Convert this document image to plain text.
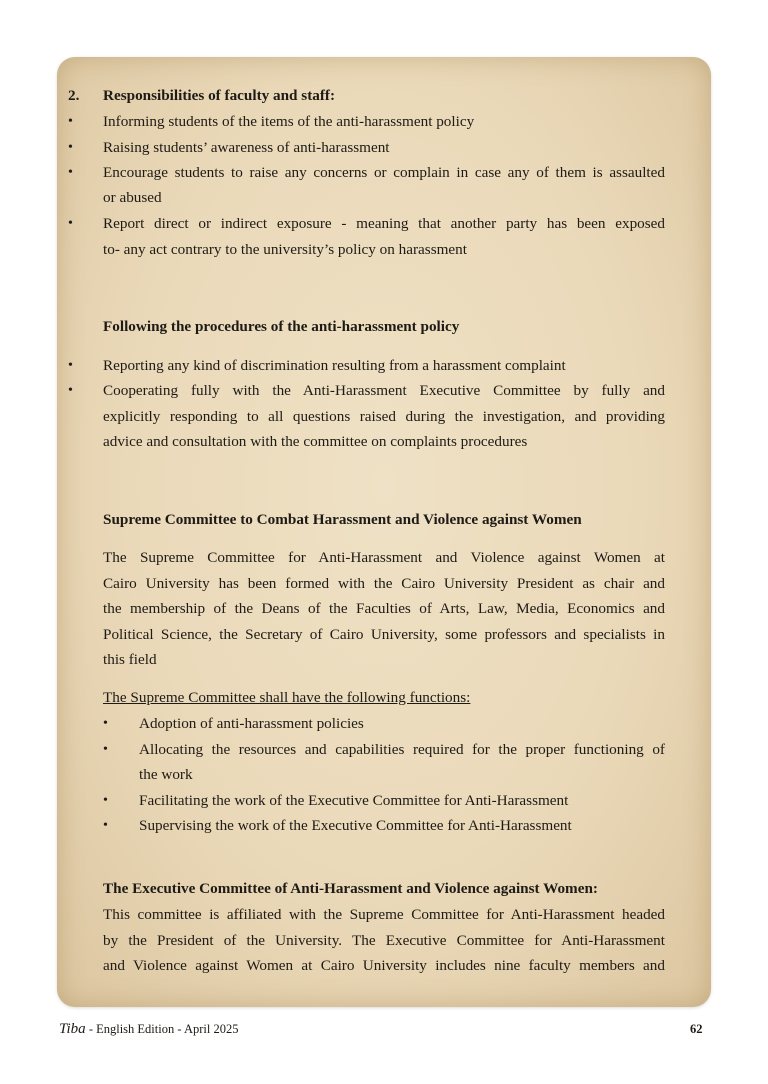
2. Responsibilities of faculty and staff:
• Informing students of the items of the anti-harassment policy
• Raising students’ awareness of anti-harassment
• Encourage students to raise any concerns or complain in case any of them is assaulted
or abused
• Report direct or indirect exposure - meaning that another party has been exposed
to- any act contrary to the university’s policy on harassment
Following the procedures of the anti-harassment policy
• Reporting any kind of discrimination resulting from a harassment complaint
• Cooperating fully with the Anti-Harassment Executive Committee by fully and
explicitly responding to all questions raised during the investigation, and providing
advice and consultation with the committee on complaints procedures
Supreme Committee to Combat Harassment and Violence against Women
The Supreme Committee for Anti-Harassment and Violence against Women at
Cairo University has been formed with the Cairo University President as chair and
the membership of the Deans of the Faculties of Arts, Law, Media, Economics and
Political Science, the Secretary of Cairo University, some professors and specialists in
this field
The Supreme Committee shall have the following functions:
• Adoption of anti-harassment policies
• Allocating the resources and capabilities required for the proper functioning of
the work
• Facilitating the work of the Executive Committee for Anti-Harassment
• Supervising the work of the Executive Committee for Anti-Harassment
The Executive Committee of Anti-Harassment and Violence against Women:
This committee is affiliated with the Supreme Committee for Anti-Harassment headed
by the President of the University. The Executive Committee for Anti-Harassment
and Violence against Women at Cairo University includes nine faculty members and
Tiba - English Edition - April 2025	62
